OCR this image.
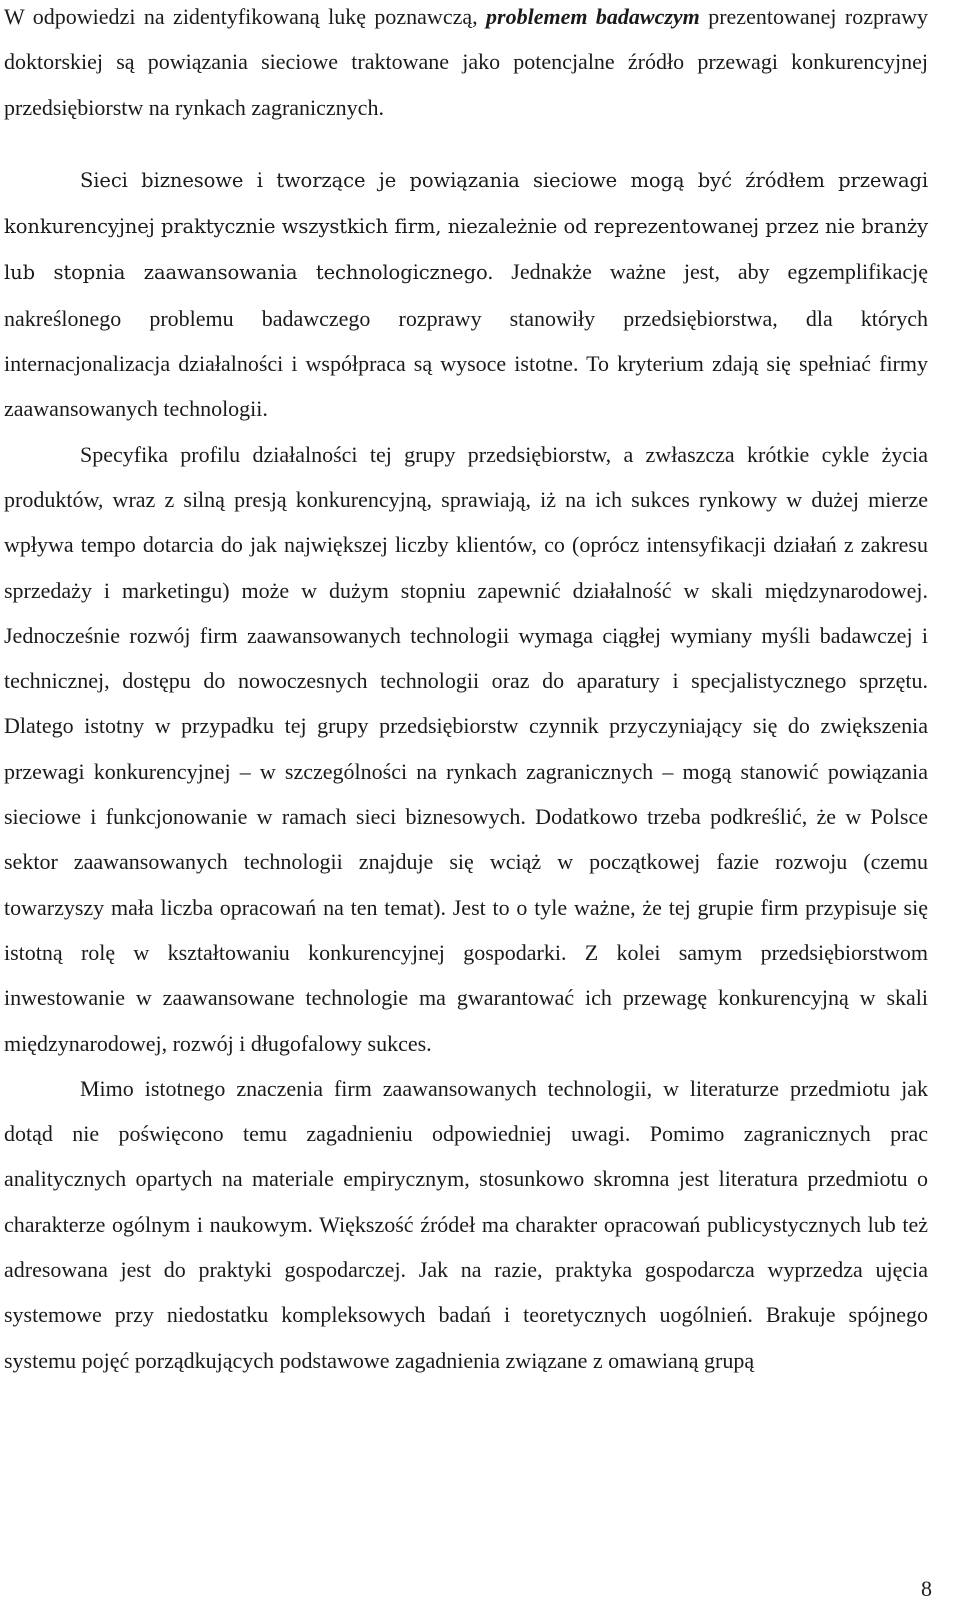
W odpowiedzi na zidentyfikowaną lukę poznawczą, problemem badawczym prezentowanej rozprawy doktorskiej są powiązania sieciowe traktowane jako potencjalne źródło przewagi konkurencyjnej przedsiębiorstw na rynkach zagranicznych.

Sieci biznesowe i tworzące je powiązania sieciowe mogą być źródłem przewagi konkurencyjnej praktycznie wszystkich firm, niezależnie od reprezentowanej przez nie branży lub stopnia zaawansowania technologicznego. Jednakże ważne jest, aby egzemplifikację nakreślonego problemu badawczego rozprawy stanowiły przedsiębiorstwa, dla których internacjonalizacja działalności i współpraca są wysoce istotne. To kryterium zdają się spełniać firmy zaawansowanych technologii.

Specyfika profilu działalności tej grupy przedsiębiorstw, a zwłaszcza krótkie cykle życia produktów, wraz z silną presją konkurencyjną, sprawiają, iż na ich sukces rynkowy w dużej mierze wpływa tempo dotarcia do jak największej liczby klientów, co (oprócz intensyfikacji działań z zakresu sprzedaży i marketingu) może w dużym stopniu zapewnić działalność w skali międzynarodowej. Jednocześnie rozwój firm zaawansowanych technologii wymaga ciągłej wymiany myśli badawczej i technicznej, dostępu do nowoczesnych technologii oraz do aparatury i specjalistycznego sprzętu. Dlatego istotny w przypadku tej grupy przedsiębiorstw czynnik przyczyniający się do zwiększenia przewagi konkurencyjnej – w szczególności na rynkach zagranicznych – mogą stanowić powiązania sieciowe i funkcjonowanie w ramach sieci biznesowych. Dodatkowo trzeba podkreślić, że w Polsce sektor zaawansowanych technologii znajduje się wciąż w początkowej fazie rozwoju (czemu towarzyszy mała liczba opracowań na ten temat). Jest to o tyle ważne, że tej grupie firm przypisuje się istotną rolę w kształtowaniu konkurencyjnej gospodarki. Z kolei samym przedsiębiorstwom inwestowanie w zaawansowane technologie ma gwarantować ich przewagę konkurencyjną w skali międzynarodowej, rozwój i długofalowy sukces.

Mimo istotnego znaczenia firm zaawansowanych technologii, w literaturze przedmiotu jak dotąd nie poświęcono temu zagadnieniu odpowiedniej uwagi. Pomimo zagranicznych prac analitycznych opartych na materiale empirycznym, stosunkowo skromna jest literatura przedmiotu o charakterze ogólnym i naukowym. Większość źródeł ma charakter opracowań publicystycznych lub też adresowana jest do praktyki gospodarczej. Jak na razie, praktyka gospodarcza wyprzedza ujęcia systemowe przy niedostatku kompleksowych badań i teoretycznych uogólnień. Brakuje spójnego systemu pojęć porządkujących podstawowe zagadnienia związane z omawianą grupą

8
